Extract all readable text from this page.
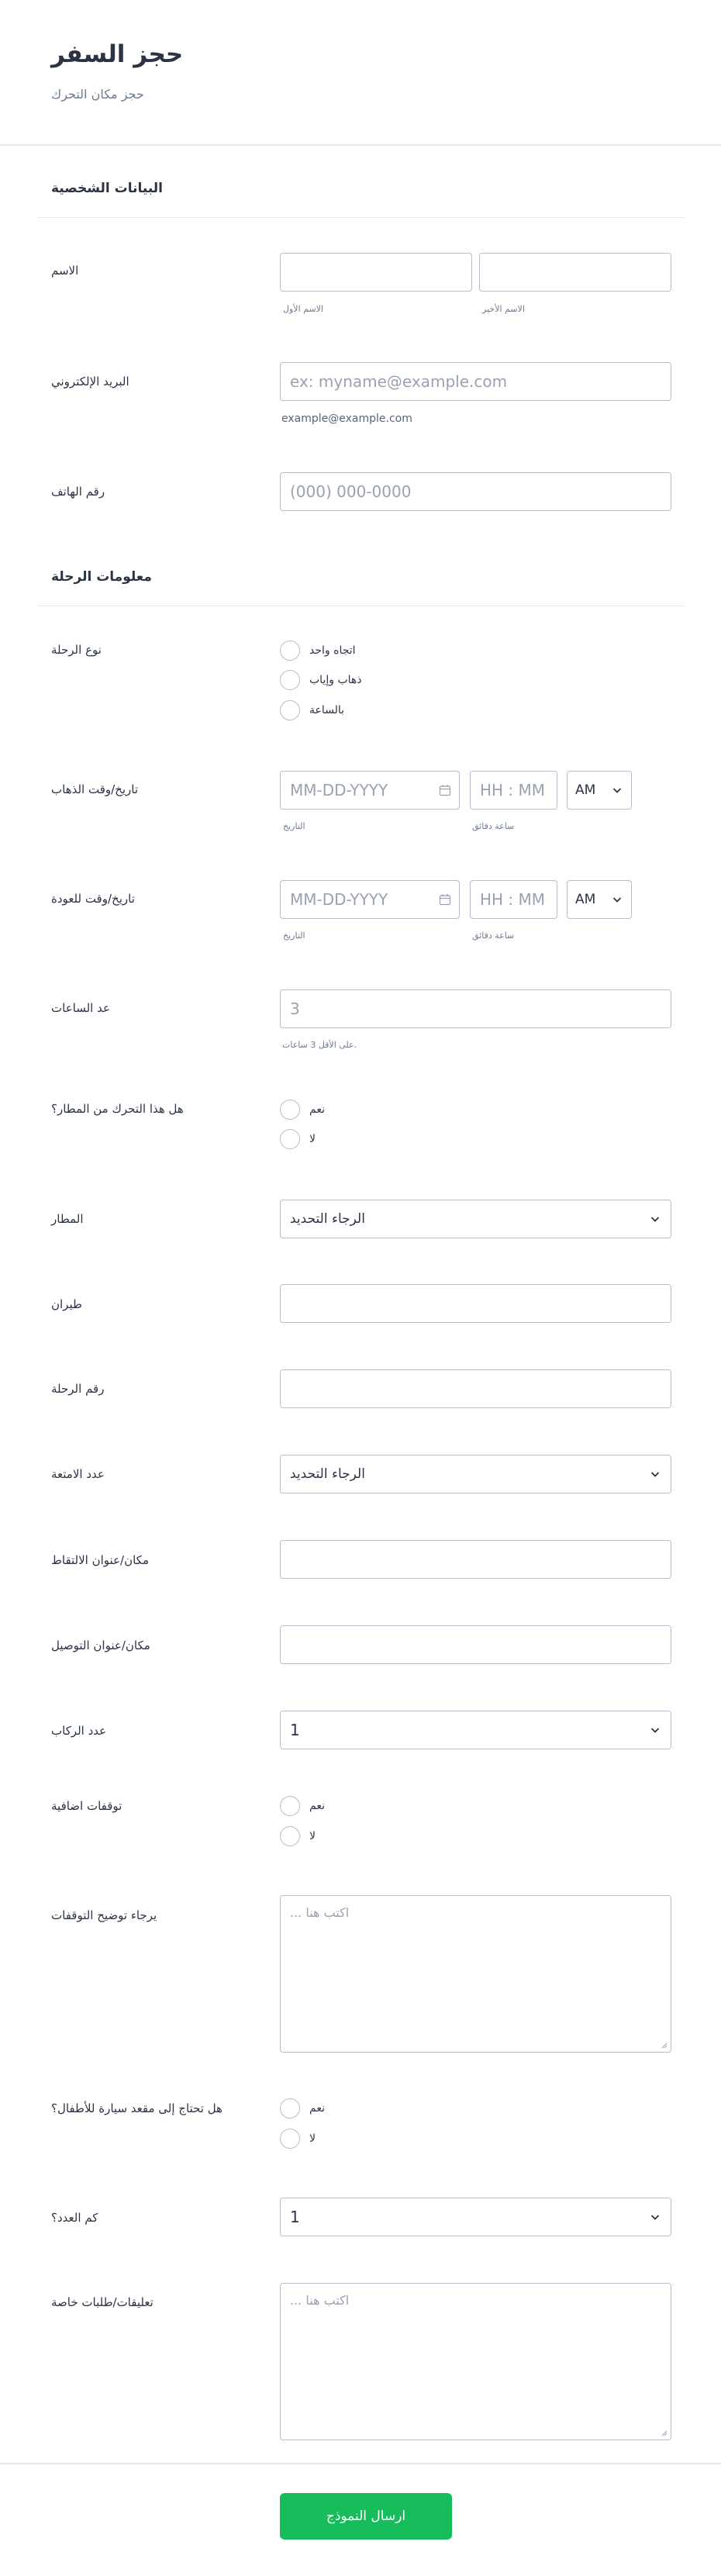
حجز السفر
حجز مكان التحرك
البيانات الشخصية
الاسم
الاسم الأول	الاسم الأخير
البريد الإلكتروني	ex: myname@example.com
example@example.com
رقم الهاتف	(000) 000-0000
معلومات الرحلة
نوع الرحلة	اتجاه واحد
ذهاب وإياب
بالساعة
تاريخ/وقت الذهاب	MM-DD-YYYY	HH : MM	AM
التاريخ	ساعة دقائق
تاريخ/وقت للعودة	MM-DD-YYYY	HH : MM	AM
التاريخ	ساعة دقائق
عد الساعات	3
على الأقل 3 ساعات.
هل هذا التحرك من المطار؟	نعم
لا
المطار	الرجاء التحديد
طيران
رقم الرحلة
عدد الامتعة	الرجاء التحديد
مكان/عنوان الالتقاط
مكان/عنوان التوصيل
عدد الركاب	1
توقفات اضافية	نعم
لا
يرجاء توضيح التوقفات	... اكتب هنا
هل تحتاج إلى مقعد سيارة للأطفال؟	نعم
لا
كم العدد؟	1
تعليقات/طلبات خاصة	... اكتب هنا
ارسال النموذج
